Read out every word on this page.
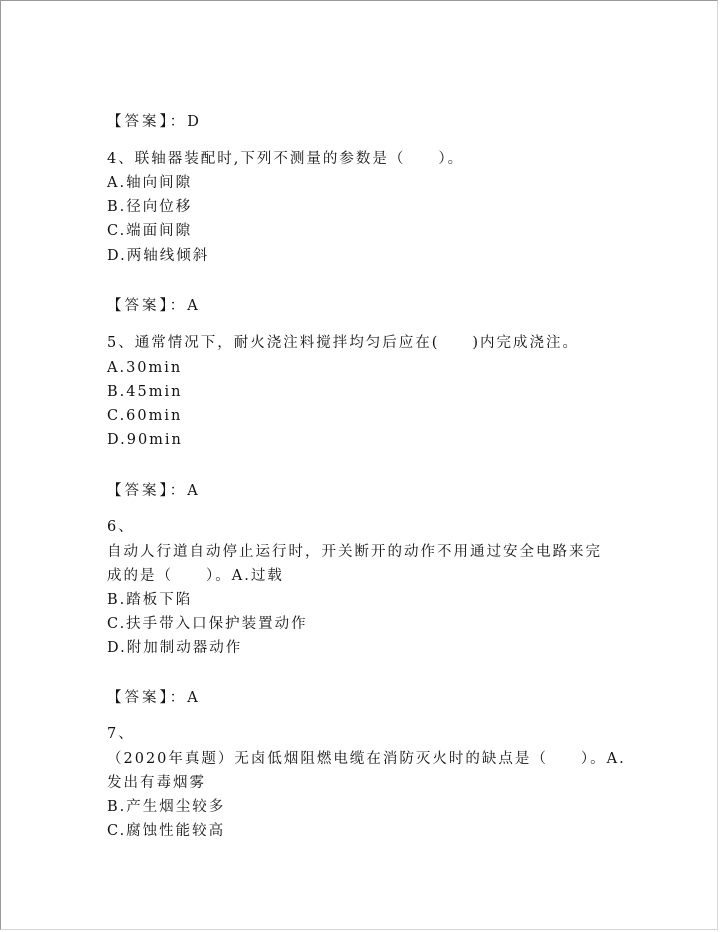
【答案】：D
4、联轴器装配时,下列不测量的参数是（　　）。
A.轴向间隙
B.径向位移
C.端面间隙
D.两轴线倾斜
【答案】：A
5、通常情况下，耐火浇注料搅拌均匀后应在(　　)内完成浇注。
A.30min
B.45min
C.60min
D.90min
【答案】：A
6、
自动人行道自动停止运行时，开关断开的动作不用通过安全电路来完
成的是（　　）。A.过载
B.踏板下陷
C.扶手带入口保护装置动作
D.附加制动器动作
【答案】：A
7、
（2020年真题）无卤低烟阻燃电缆在消防灭火时的缺点是（　　）。A.
发出有毒烟雾
B.产生烟尘较多
C.腐蚀性能较高
